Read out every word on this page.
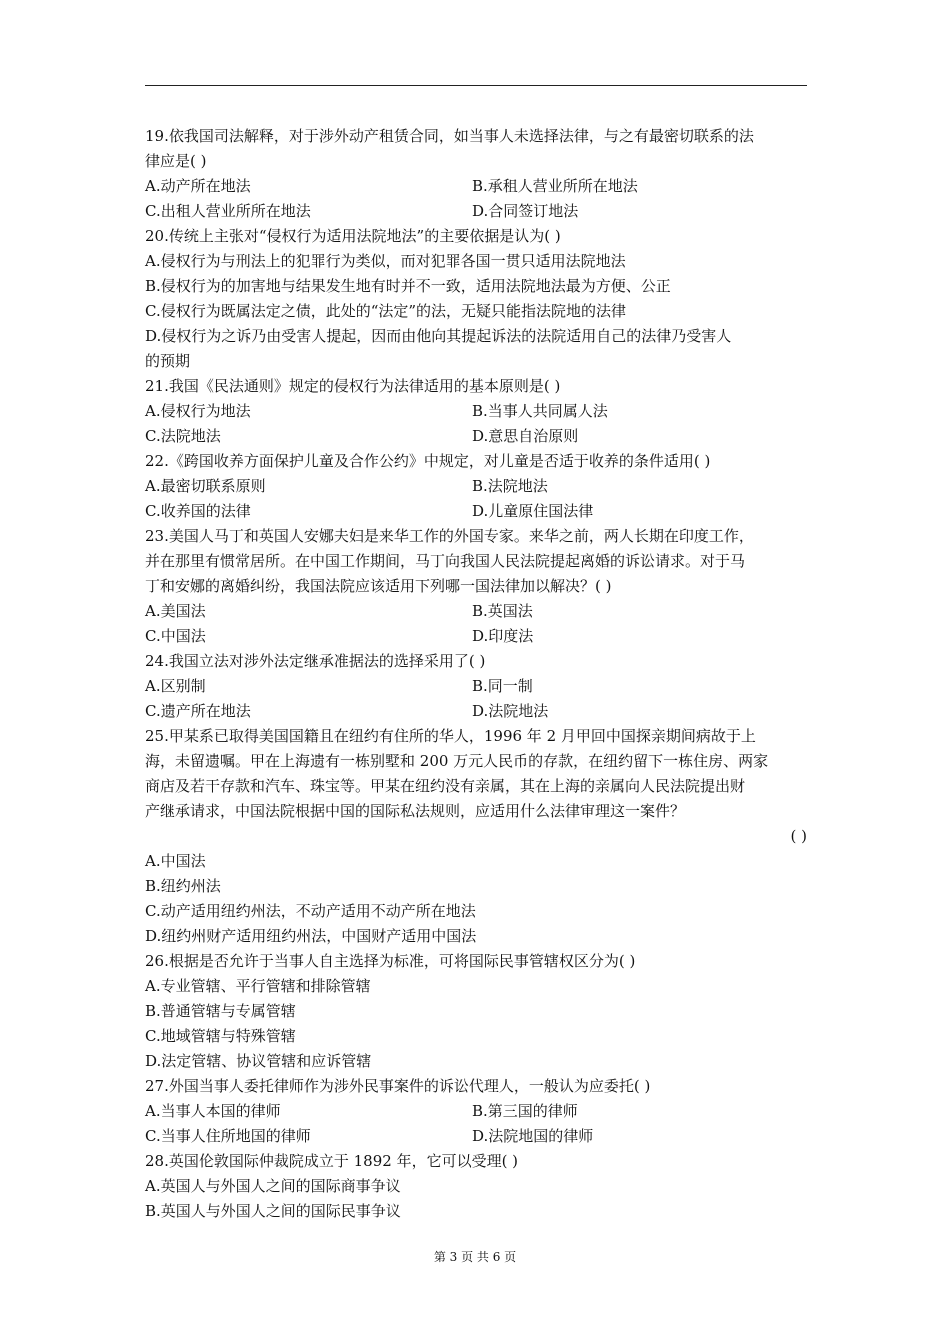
19.依我国司法解释，对于涉外动产租赁合同，如当事人未选择法律，与之有最密切联系的法
律应是( )
A.动产所在地法	B.承租人营业所所在地法
C.出租人营业所所在地法	D.合同签订地法
20.传统上主张对“侵权行为适用法院地法”的主要依据是认为( )
A.侵权行为与刑法上的犯罪行为类似，而对犯罪各国一贯只适用法院地法
B.侵权行为的加害地与结果发生地有时并不一致，适用法院地法最为方便、公正
C.侵权行为既属法定之债，此处的“法定”的法，无疑只能指法院地的法律
D.侵权行为之诉乃由受害人提起，因而由他向其提起诉法的法院适用自己的法律乃受害人
的预期
21.我国《民法通则》规定的侵权行为法律适用的基本原则是( )
A.侵权行为地法	B.当事人共同属人法
C.法院地法	D.意思自治原则
22.《跨国收养方面保护儿童及合作公约》中规定，对儿童是否适于收养的条件适用( )
A.最密切联系原则	B.法院地法
C.收养国的法律	D.儿童原住国法律
23.美国人马丁和英国人安娜夫妇是来华工作的外国专家。来华之前，两人长期在印度工作，
并在那里有惯常居所。在中国工作期间，马丁向我国人民法院提起离婚的诉讼请求。对于马
丁和安娜的离婚纠纷，我国法院应该适用下列哪一国法律加以解决？( )
A.美国法	B.英国法
C.中国法	D.印度法
24.我国立法对涉外法定继承准据法的选择采用了( )
A.区别制	B.同一制
C.遗产所在地法	D.法院地法
25.甲某系已取得美国国籍且在纽约有住所的华人，1996 年 2 月甲回中国探亲期间病故于上
海，未留遗嘱。甲在上海遗有一栋别墅和 200 万元人民币的存款，在纽约留下一栋住房、两家
商店及若干存款和汽车、珠宝等。甲某在纽约没有亲属，其在上海的亲属向人民法院提出财
产继承请求，中国法院根据中国的国际私法规则，应适用什么法律审理这一案件？
( )
A.中国法
B.纽约州法
C.动产适用纽约州法，不动产适用不动产所在地法
D.纽约州财产适用纽约州法，中国财产适用中国法
26.根据是否允许于当事人自主选择为标准，可将国际民事管辖权区分为( )
A.专业管辖、平行管辖和排除管辖
B.普通管辖与专属管辖
C.地域管辖与特殊管辖
D.法定管辖、协议管辖和应诉管辖
27.外国当事人委托律师作为涉外民事案件的诉讼代理人，一般认为应委托( )
A.当事人本国的律师	B.第三国的律师
C.当事人住所地国的律师	D.法院地国的律师
28.英国伦敦国际仲裁院成立于 1892 年，它可以受理( )
A.英国人与外国人之间的国际商事争议
B.英国人与外国人之间的国际民事争议
第 3 页 共 6 页
